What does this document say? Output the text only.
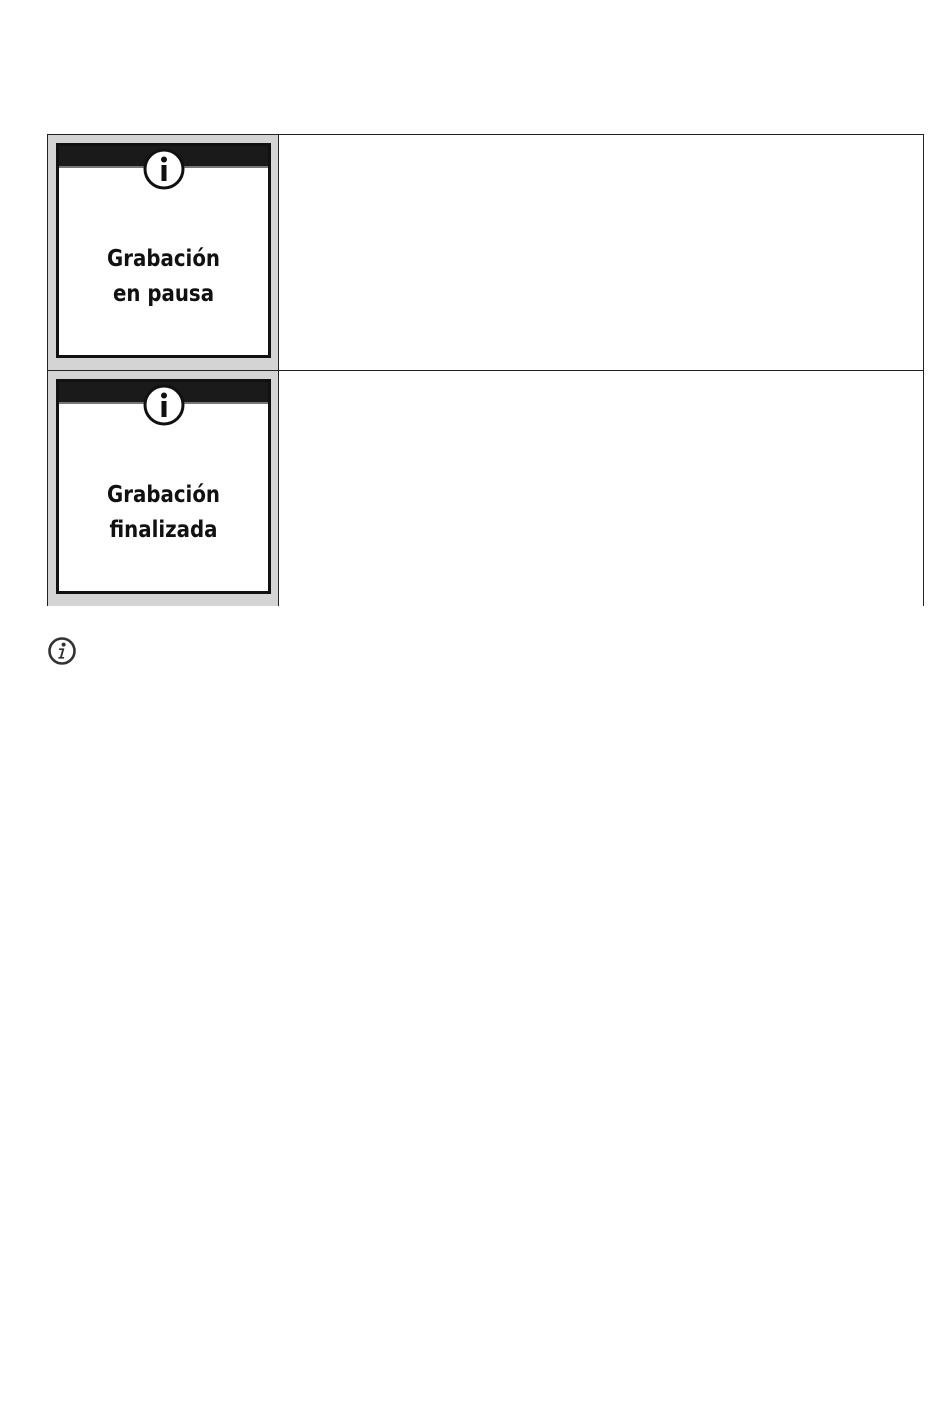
Grabación
en pausa
Grabación
finalizada
